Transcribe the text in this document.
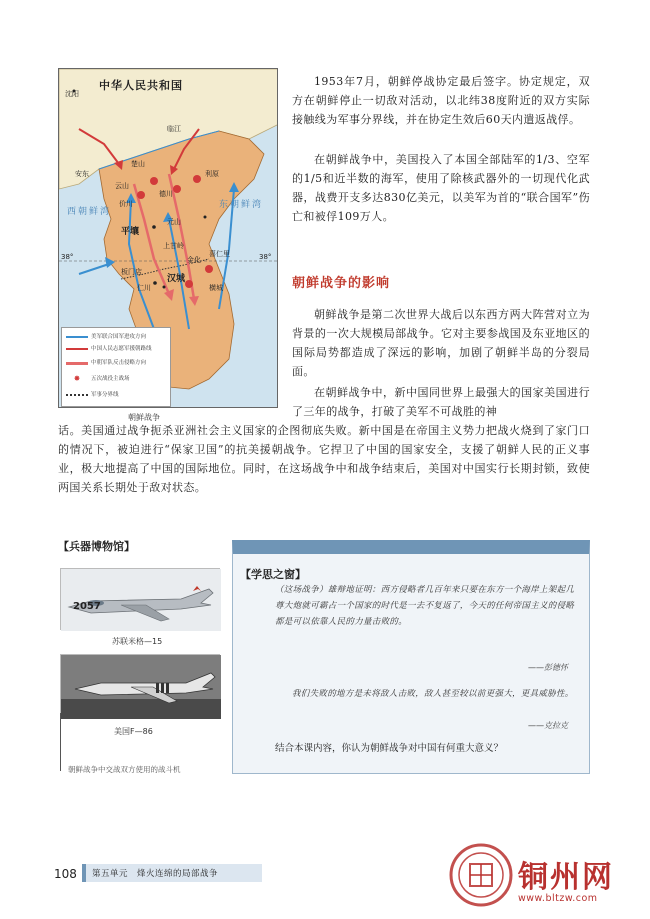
中华人民共和国
沈阳
临江
楚山
安东
云山
价川
德川
利原
元山
平壤
上甘岭
金化
喜仁里
板门店
汉城
仁川	横城
西朝鲜湾
东朝鲜湾
38°	38°
美军联合国军进攻方向
中国人民志愿军援朝路线
中朝军队反击侵略方向
✸ 五次战役主战场
军事分界线
朝鲜战争
1953年7月，朝鲜停战协定最后签字。协定规定，双方在朝鲜停止一切敌对活动，以北纬38度附近的双方实际接触线为军事分界线，并在协定生效后60天内遣返战俘。
在朝鲜战争中，美国投入了本国全部陆军的1/3、空军的1/5和近半数的海军，使用了除核武器外的一切现代化武器，战费开支多达830亿美元，以美军为首的“联合国军”伤亡和被俘109万人。
朝鲜战争的影响
朝鲜战争是第二次世界大战后以东西方两大阵营对立为背景的一次大规模局部战争。它对主要参战国及东亚地区的国际局势都造成了深远的影响，加剧了朝鲜半岛的分裂局面。
在朝鲜战争中，新中国同世界上最强大的国家美国进行了三年的战争，打破了美军不可战胜的神
话。美国通过战争扼杀亚洲社会主义国家的企图彻底失败。新中国是在帝国主义势力把战火烧到了家门口的情况下，被迫进行“保家卫国”的抗美援朝战争。它捍卫了中国的国家安全，支援了朝鲜人民的正义事业，极大地提高了中国的国际地位。同时，在这场战争中和战争结束后，美国对中国实行长期封锁，致使两国关系长期处于敌对状态。
【兵器博物馆】
2057
苏联米格—15
美国F—86
朝鲜战争中交战双方使用的战斗机
【学思之窗】
（这场战争）雄辩地证明：西方侵略者几百年来只要在东方一个海岸上架起几尊大炮就可霸占一个国家的时代是一去不复返了，今天的任何帝国主义的侵略都是可以依靠人民的力量击败的。
——彭德怀
我们失败的地方是未将敌人击败，敌人甚至较以前更强大，更具威胁性。
——克拉克
结合本课内容，你认为朝鲜战争对中国有何重大意义？
108 第五单元　烽火连绵的局部战争	铜州网
www.bltzw.com
